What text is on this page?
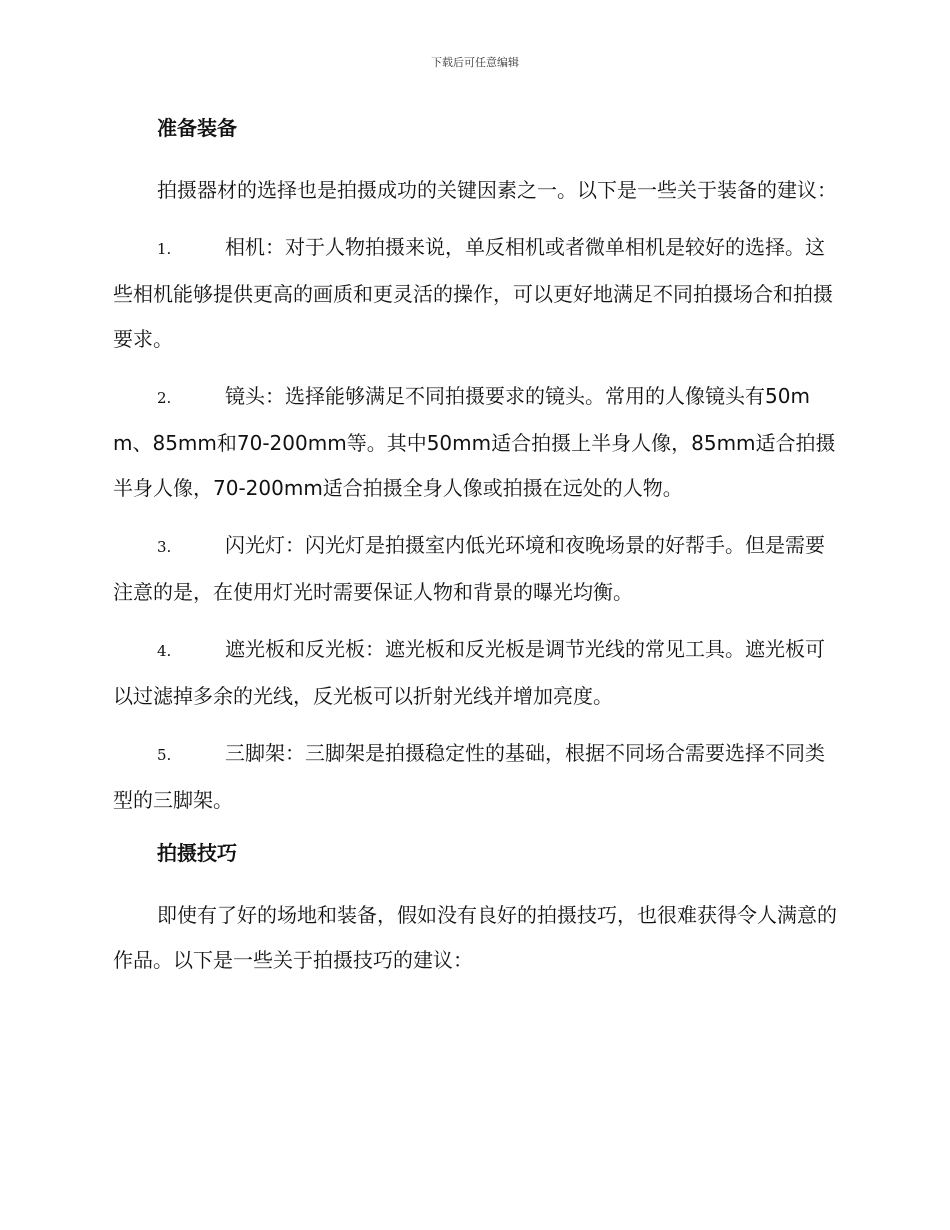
下载后可任意编辑
准备装备
拍摄器材的选择也是拍摄成功的关键因素之一。以下是一些关于装备的建议：
1.	相机：对于人物拍摄来说，单反相机或者微单相机是较好的选择。这些相机能够提供更高的画质和更灵活的操作，可以更好地满足不同拍摄场合和拍摄要求。
2.	镜头：选择能够满足不同拍摄要求的镜头。常用的人像镜头有50mm、85mm和70-200mm等。其中50mm适合拍摄上半身人像，85mm适合拍摄半身人像，70-200mm适合拍摄全身人像或拍摄在远处的人物。
3.	闪光灯：闪光灯是拍摄室内低光环境和夜晚场景的好帮手。但是需要注意的是，在使用灯光时需要保证人物和背景的曝光均衡。
4.	遮光板和反光板：遮光板和反光板是调节光线的常见工具。遮光板可以过滤掉多余的光线，反光板可以折射光线并增加亮度。
5.	三脚架：三脚架是拍摄稳定性的基础，根据不同场合需要选择不同类型的三脚架。
拍摄技巧
即使有了好的场地和装备，假如没有良好的拍摄技巧，也很难获得令人满意的作品。以下是一些关于拍摄技巧的建议：
